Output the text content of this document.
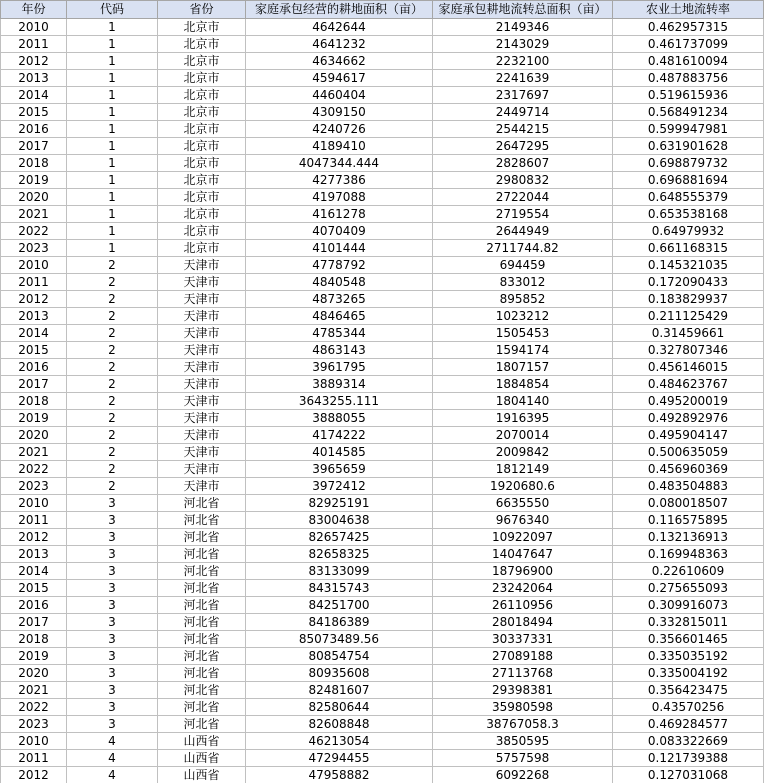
年份	代码	省份	家庭承包经营的耕地面积（亩）	家庭承包耕地流转总面积（亩）	农业土地流转率
2010	1	北京市	4642644	2149346	0.462957315
2011	1	北京市	4641232	2143029	0.461737099
2012	1	北京市	4634662	2232100	0.481610094
2013	1	北京市	4594617	2241639	0.487883756
2014	1	北京市	4460404	2317697	0.519615936
2015	1	北京市	4309150	2449714	0.568491234
2016	1	北京市	4240726	2544215	0.599947981
2017	1	北京市	4189410	2647295	0.631901628
2018	1	北京市	4047344.444	2828607	0.698879732
2019	1	北京市	4277386	2980832	0.696881694
2020	1	北京市	4197088	2722044	0.648555379
2021	1	北京市	4161278	2719554	0.653538168
2022	1	北京市	4070409	2644949	0.64979932
2023	1	北京市	4101444	2711744.82	0.661168315
2010	2	天津市	4778792	694459	0.145321035
2011	2	天津市	4840548	833012	0.172090433
2012	2	天津市	4873265	895852	0.183829937
2013	2	天津市	4846465	1023212	0.211125429
2014	2	天津市	4785344	1505453	0.31459661
2015	2	天津市	4863143	1594174	0.327807346
2016	2	天津市	3961795	1807157	0.456146015
2017	2	天津市	3889314	1884854	0.484623767
2018	2	天津市	3643255.111	1804140	0.495200019
2019	2	天津市	3888055	1916395	0.492892976
2020	2	天津市	4174222	2070014	0.495904147
2021	2	天津市	4014585	2009842	0.500635059
2022	2	天津市	3965659	1812149	0.456960369
2023	2	天津市	3972412	1920680.6	0.483504883
2010	3	河北省	82925191	6635550	0.080018507
2011	3	河北省	83004638	9676340	0.116575895
2012	3	河北省	82657425	10922097	0.132136913
2013	3	河北省	82658325	14047647	0.169948363
2014	3	河北省	83133099	18796900	0.22610609
2015	3	河北省	84315743	23242064	0.275655093
2016	3	河北省	84251700	26110956	0.309916073
2017	3	河北省	84186389	28018494	0.332815011
2018	3	河北省	85073489.56	30337331	0.356601465
2019	3	河北省	80854754	27089188	0.335035192
2020	3	河北省	80935608	27113768	0.335004192
2021	3	河北省	82481607	29398381	0.356423475
2022	3	河北省	82580644	35980598	0.43570256
2023	3	河北省	82608848	38767058.3	0.469284577
2010	4	山西省	46213054	3850595	0.083322669
2011	4	山西省	47294455	5757598	0.121739388
2012	4	山西省	47958882	6092268	0.127031068
